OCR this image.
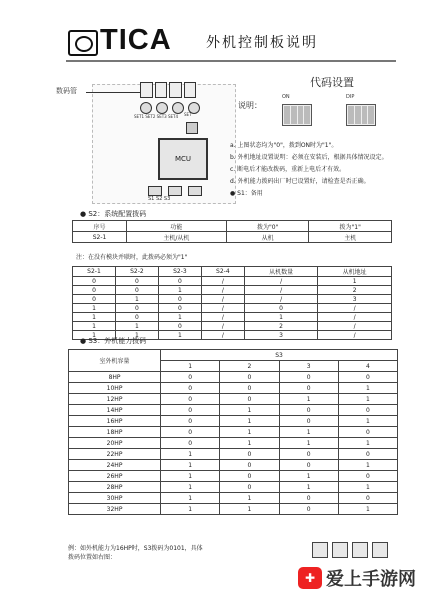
TICA 外机控制板说明
数码管
SET1 SET2 SET3 SET4 SET
MCU
S1 S2 S3
代码设置
说明：
ON	DIP
a. 上图状态均为"0"，拨到ON时为"1"。
b. 外机地址设置说明：必须在安装后，根据具体情况设定。
c. 断电后才能改拨码，重新上电后才有效。
d. 外机能力拨码出厂时已设置好，请检查是否正确。
● S1：备用
● S2：系统配置拨码
序号	功能	拨为"0"	拨为"1"
S2-1	主机/从机	从机	主机
注：在没有模块并联时，此拨码必须为"1"
S2-1	S2-2	S2-3	S2-4	从机数量	从机地址
0	0	0	/	/	1
0	0	1	/	/	2
0	1	0	/	/	3
1	0	0	/	0	/
1	0	1	/	1	/
1	1	0	/	2	/
1	1	1	/	3	/
● S3：外机能力拨码
室外机容量	S3			
	1	2	3	4
8HP	0	0	0	0
10HP	0	0	0	1
12HP	0	0	1	1
14HP	0	1	0	0
16HP	0	1	0	1
18HP	0	1	1	0
20HP	0	1	1	1
22HP	1	0	0	0
24HP	1	0	0	1
26HP	1	0	1	0
28HP	1	0	1	1
30HP	1	1	0	0
32HP	1	1	0	1
例：如外机能力为16HP时，S3拨码为0101，具体
拨码位置如右图：
✚ 爱上手游网
